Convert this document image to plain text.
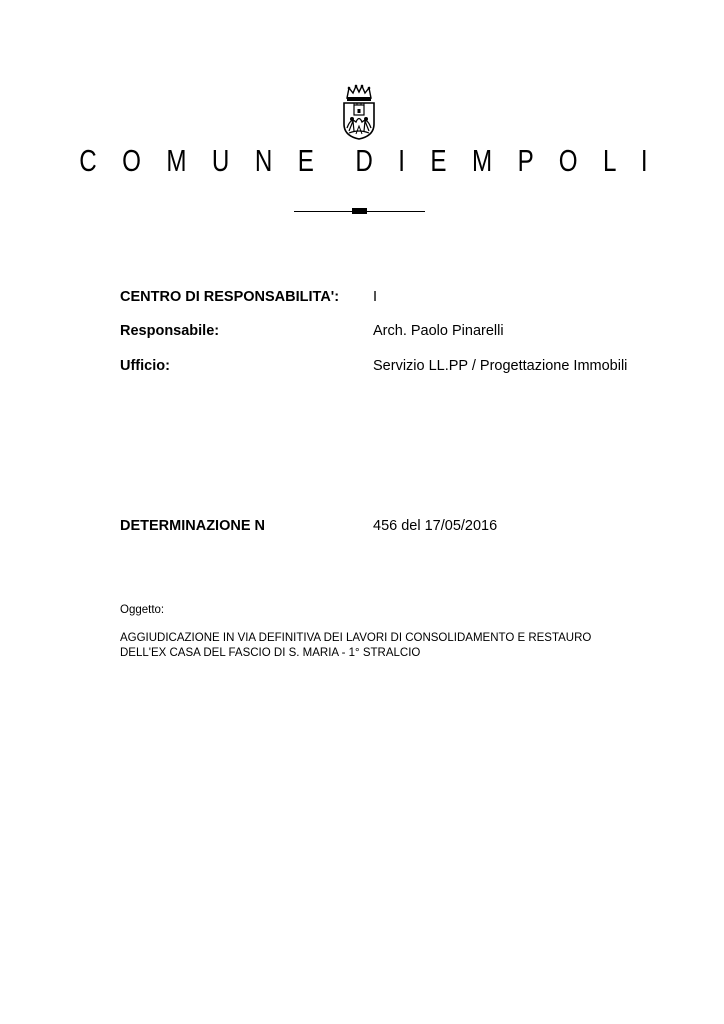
C O M U N E  D I E M P O L I
CENTRO DI RESPONSABILITA': I
Responsabile:	Arch. Paolo Pinarelli
Ufficio:	Servizio LL.PP / Progettazione Immobili
DETERMINAZIONE N	456 del 17/05/2016
Oggetto:
AGGIUDICAZIONE IN VIA DEFINITIVA DEI LAVORI DI CONSOLIDAMENTO E RESTAURO
DELL'EX CASA DEL FASCIO DI S. MARIA - 1° STRALCIO
